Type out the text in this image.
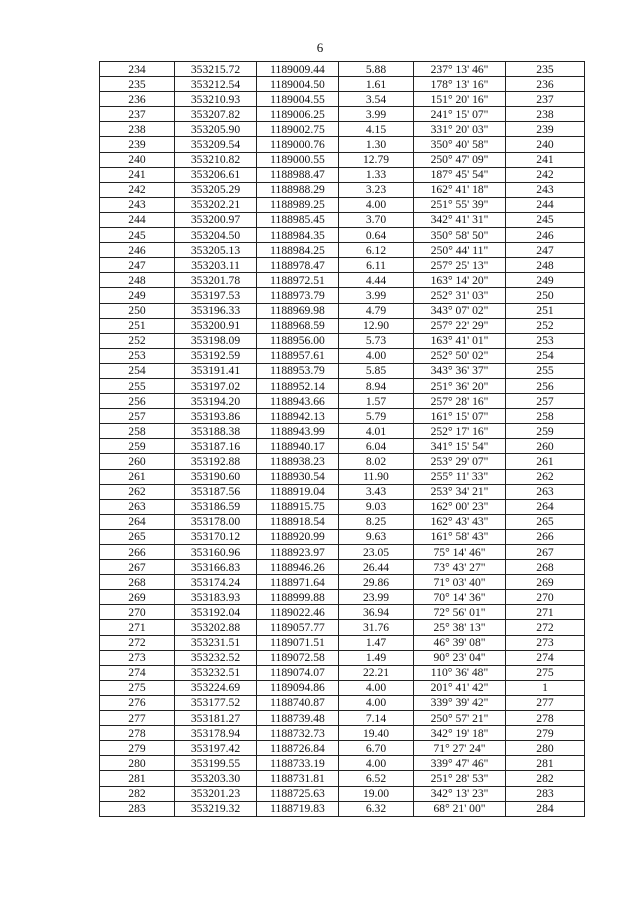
6
234	353215.72	1189009.44	5.88	237° 13' 46"	235
235	353212.54	1189004.50	1.61	178° 13' 16"	236
236	353210.93	1189004.55	3.54	151° 20' 16"	237
237	353207.82	1189006.25	3.99	241° 15' 07"	238
238	353205.90	1189002.75	4.15	331° 20' 03"	239
239	353209.54	1189000.76	1.30	350° 40' 58"	240
240	353210.82	1189000.55	12.79	250° 47' 09"	241
241	353206.61	1188988.47	1.33	187° 45' 54"	242
242	353205.29	1188988.29	3.23	162° 41' 18"	243
243	353202.21	1188989.25	4.00	251° 55' 39"	244
244	353200.97	1188985.45	3.70	342° 41' 31"	245
245	353204.50	1188984.35	0.64	350° 58' 50"	246
246	353205.13	1188984.25	6.12	250° 44' 11"	247
247	353203.11	1188978.47	6.11	257° 25' 13"	248
248	353201.78	1188972.51	4.44	163° 14' 20"	249
249	353197.53	1188973.79	3.99	252° 31' 03"	250
250	353196.33	1188969.98	4.79	343° 07' 02"	251
251	353200.91	1188968.59	12.90	257° 22' 29"	252
252	353198.09	1188956.00	5.73	163° 41' 01"	253
253	353192.59	1188957.61	4.00	252° 50' 02"	254
254	353191.41	1188953.79	5.85	343° 36' 37"	255
255	353197.02	1188952.14	8.94	251° 36' 20"	256
256	353194.20	1188943.66	1.57	257° 28' 16"	257
257	353193.86	1188942.13	5.79	161° 15' 07"	258
258	353188.38	1188943.99	4.01	252° 17' 16"	259
259	353187.16	1188940.17	6.04	341° 15' 54"	260
260	353192.88	1188938.23	8.02	253° 29' 07"	261
261	353190.60	1188930.54	11.90	255° 11' 33"	262
262	353187.56	1188919.04	3.43	253° 34' 21"	263
263	353186.59	1188915.75	9.03	162° 00' 23"	264
264	353178.00	1188918.54	8.25	162° 43' 43"	265
265	353170.12	1188920.99	9.63	161° 58' 43"	266
266	353160.96	1188923.97	23.05	75° 14' 46"	267
267	353166.83	1188946.26	26.44	73° 43' 27"	268
268	353174.24	1188971.64	29.86	71° 03' 40"	269
269	353183.93	1188999.88	23.99	70° 14' 36"	270
270	353192.04	1189022.46	36.94	72° 56' 01"	271
271	353202.88	1189057.77	31.76	25° 38' 13"	272
272	353231.51	1189071.51	1.47	46° 39' 08"	273
273	353232.52	1189072.58	1.49	90° 23' 04"	274
274	353232.51	1189074.07	22.21	110° 36' 48"	275
275	353224.69	1189094.86	4.00	201° 41' 42"	1
276	353177.52	1188740.87	4.00	339° 39' 42"	277
277	353181.27	1188739.48	7.14	250° 57' 21"	278
278	353178.94	1188732.73	19.40	342° 19' 18"	279
279	353197.42	1188726.84	6.70	71° 27' 24"	280
280	353199.55	1188733.19	4.00	339° 47' 46"	281
281	353203.30	1188731.81	6.52	251° 28' 53"	282
282	353201.23	1188725.63	19.00	342° 13' 23"	283
283	353219.32	1188719.83	6.32	68° 21' 00"	284
